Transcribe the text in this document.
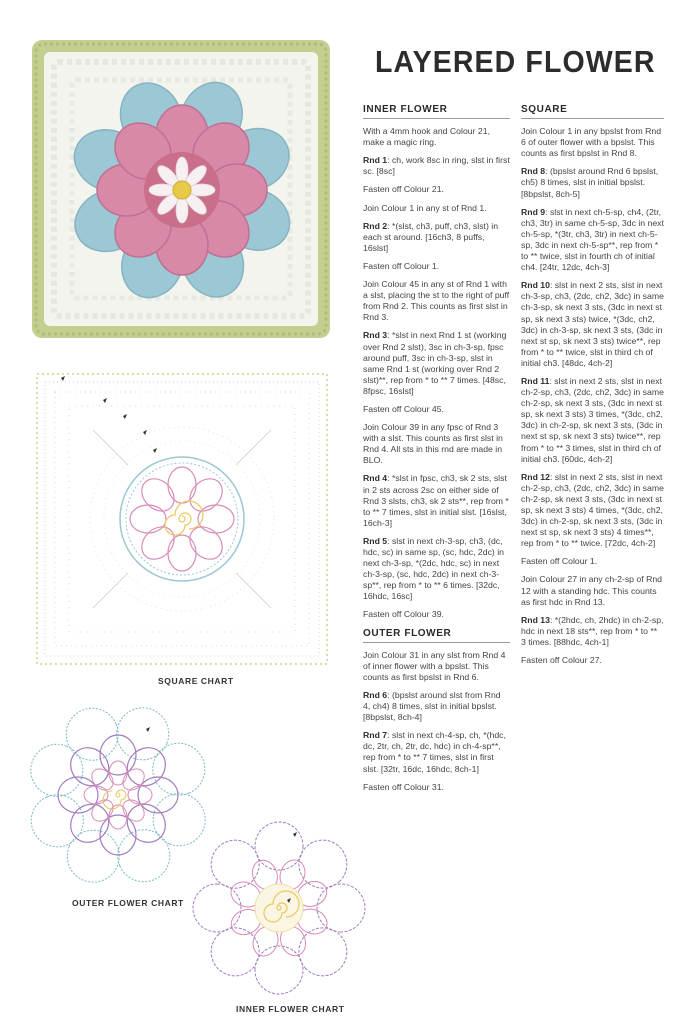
SQUARE CHART
OUTER FLOWER CHART
INNER FLOWER CHART
LAYERED FLOWER
INNER FLOWER

With a 4mm hook and Colour 21, make a magic ring.

Rnd 1: ch, work 8sc in ring, slst in first sc. [8sc]

Fasten off Colour 21.

Join Colour 1 in any st of Rnd 1.

Rnd 2: *(slst, ch3, puff, ch3, slst) in each st around. [16ch3, 8 puffs, 16slst]

Fasten off Colour 1.

Join Colour 45 in any st of Rnd 1 with a slst, placing the st to the right of puff from Rnd 2. This counts as first slst in Rnd 3.

Rnd 3: *slst in next Rnd 1 st (working over Rnd 2 slst), 3sc in ch-3-sp, fpsc around puff, 3sc in ch-3-sp, slst in same Rnd 1 st (working over Rnd 2 slst)**, rep from * to ** 7 times. [48sc, 8fpsc, 16slst]

Fasten off Colour 45.

Join Colour 39 in any fpsc of Rnd 3 with a slst. This counts as first slst in Rnd 4. All sts in this rnd are made in BLO.

Rnd 4: *slst in fpsc, ch3, sk 2 sts, slst in 2 sts across 2sc on either side of Rnd 3 slsts, ch3, sk 2 sts**, rep from * to ** 7 times, slst in initial slst. [16slst, 16ch-3]

Rnd 5: slst in next ch-3-sp, ch3, (dc, hdc, sc) in same sp, (sc, hdc, 2dc) in next ch-3-sp, *(2dc, hdc, sc) in next ch-3-sp, (sc, hdc, 2dc) in next ch-3-sp**, rep from * to ** 6 times. [32dc, 16hdc, 16sc]

Fasten off Colour 39.

OUTER FLOWER

Join Colour 31 in any slst from Rnd 4 of inner flower with a bpslst. This counts as first bpslst in Rnd 6.

Rnd 6: (bpslst around slst from Rnd 4, ch4) 8 times, slst in initial bpslst. [8bpslst, 8ch-4]

Rnd 7: slst in next ch-4-sp, ch, *(hdc, dc, 2tr, ch, 2tr, dc, hdc) in ch-4-sp**, rep from * to ** 7 times, slst in first slst. [32tr, 16dc, 16hdc, 8ch-1]

Fasten off Colour 31.

SQUARE

Join Colour 1 in any bpslst from Rnd 6 of outer flower with a bpslst. This counts as first bpslst in Rnd 8.

Rnd 8: (bpslst around Rnd 6 bpslst, ch5) 8 times, slst in initial bpslst. [8bpslst, 8ch-5]

Rnd 9: slst in next ch-5-sp, ch4, (2tr, ch3, 3tr) in same ch-5-sp, 3dc in next ch-5-sp, *(3tr, ch3, 3tr) in next ch-5-sp, 3dc in next ch-5-sp**, rep from * to ** twice, slst in fourth ch of initial ch4. [24tr, 12dc, 4ch-3]

Rnd 10: slst in next 2 sts, slst in next ch-3-sp, ch3, (2dc, ch2, 3dc) in same ch-3-sp, sk next 3 sts, (3dc in next st sp, sk next 3 sts) twice, *(3dc, ch2, 3dc) in ch-3-sp, sk next 3 sts, (3dc in next st sp, sk next 3 sts) twice**, rep from * to ** twice, slst in third ch of initial ch3. [48dc, 4ch-2]

Rnd 11: slst in next 2 sts, slst in next ch-2-sp, ch3, (2dc, ch2, 3dc) in same ch-2-sp, sk next 3 sts, (3dc in next st sp, sk next 3 sts) 3 times, *(3dc, ch2, 3dc) in ch-2-sp, sk next 3 sts, (3dc in next st sp, sk next 3 sts) twice**, rep from * to ** 3 times, slst in third ch of initial ch3. [60dc, 4ch-2]

Rnd 12: slst in next 2 sts, slst in next ch-2-sp, ch3, (2dc, ch2, 3dc) in same ch-2-sp, sk next 3 sts, (3dc in next st sp, sk next 3 sts) 4 times, *(3dc, ch2, 3dc) in ch-2-sp, sk next 3 sts, (3dc in next st sp, sk next 3 sts) 4 times**, rep from * to ** twice. [72dc, 4ch-2]

Fasten off Colour 1.

Join Colour 27 in any ch-2-sp of Rnd 12 with a standing hdc. This counts as first hdc in Rnd 13.

Rnd 13: *(2hdc, ch, 2hdc) in ch-2-sp, hdc in next 18 sts**, rep from * to ** 3 times. [88hdc, 4ch-1]

Fasten off Colour 27.
